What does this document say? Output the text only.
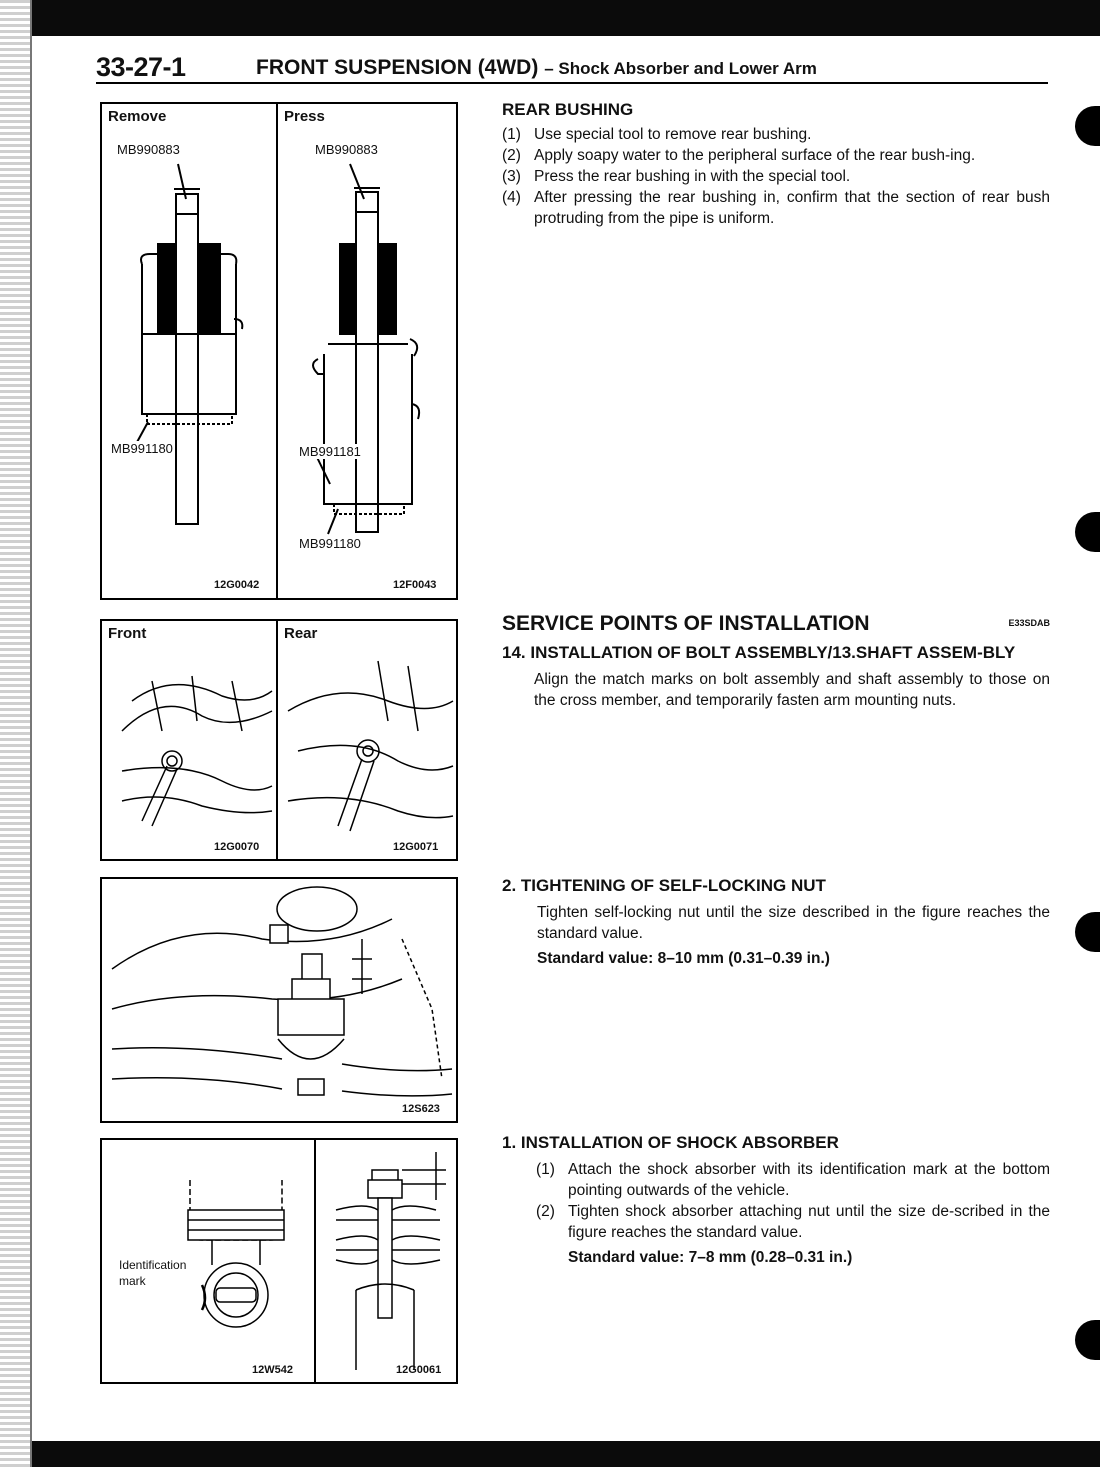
33-27-1	FRONT SUSPENSION (4WD) – Shock Absorber and Lower Arm
Remove
MB990883
MB991180
12G0042
Press
MB990883
MB991181
MB991180
12F0043
Front
12G0070
Rear
12G0071
12S623
Identification
mark
12W542	12G0061
REAR BUSHING
(1) Use special tool to remove rear bushing.
(2) Apply soapy water to the peripheral surface of the rear bush-ing.
(3) Press the rear bushing in with the special tool.
(4) After pressing the rear bushing in, confirm that the section of rear bush protruding from the pipe is uniform.
SERVICE POINTS OF INSTALLATION	E33SDAB
14. INSTALLATION OF BOLT ASSEMBLY/13.SHAFT ASSEM-BLY
Align the match marks on bolt assembly and shaft assembly to those on the cross member, and temporarily fasten arm mounting nuts.
2. TIGHTENING OF SELF-LOCKING NUT
Tighten self-locking nut until the size described in the figure reaches the standard value.
Standard value: 8–10 mm (0.31–0.39 in.)
1. INSTALLATION OF SHOCK ABSORBER
(1) Attach the shock absorber with its identification mark at the bottom pointing outwards of the vehicle.
(2) Tighten shock absorber attaching nut until the size de-scribed in the figure reaches the standard value.
Standard value: 7–8 mm (0.28–0.31 in.)
